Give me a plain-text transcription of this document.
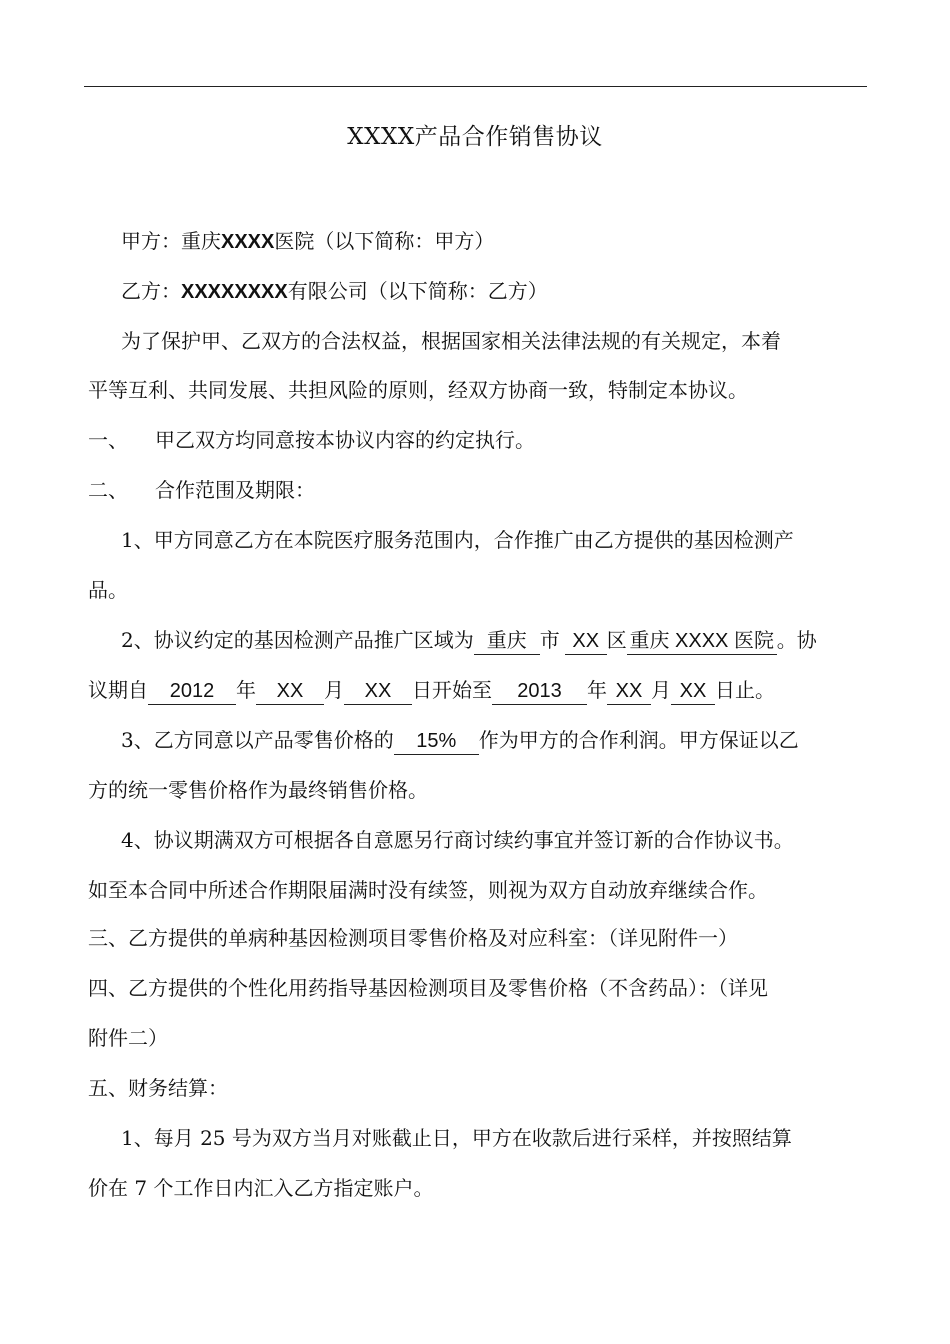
XXXX产品合作销售协议
甲方：重庆XXXX医院（以下简称：甲方）
乙方：XXXXXXXX有限公司（以下简称：乙方）
为了保护甲、乙双方的合法权益，根据国家相关法律法规的有关规定，本着
平等互利、共同发展、共担风险的原则，经双方协商一致，特制定本协议。
一、 甲乙双方均同意按本协议内容的约定执行。
二、 合作范围及期限：
1、甲方同意乙方在本院医疗服务范围内，合作推广由乙方提供的基因检测产
品。
2、协议约定的基因检测产品推广区域为 重庆 市 XX 区 重庆 XXXX 医院 。协
议期自 2012 年 XX 月 XX 日开始至 2013 年 XX 月 XX 日止。
3、乙方同意以产品零售价格的 15% 作为甲方的合作利润。甲方保证以乙
方的统一零售价格作为最终销售价格。
4、协议期满双方可根据各自意愿另行商讨续约事宜并签订新的合作协议书。
如至本合同中所述合作期限届满时没有续签，则视为双方自动放弃继续合作。
三、乙方提供的单病种基因检测项目零售价格及对应科室：（详见附件一）
四、乙方提供的个性化用药指导基因检测项目及零售价格（不含药品）：（详见
附件二）
五、财务结算：
1、每月 25 号为双方当月对账截止日，甲方在收款后进行采样，并按照结算
价在 7 个工作日内汇入乙方指定账户。
